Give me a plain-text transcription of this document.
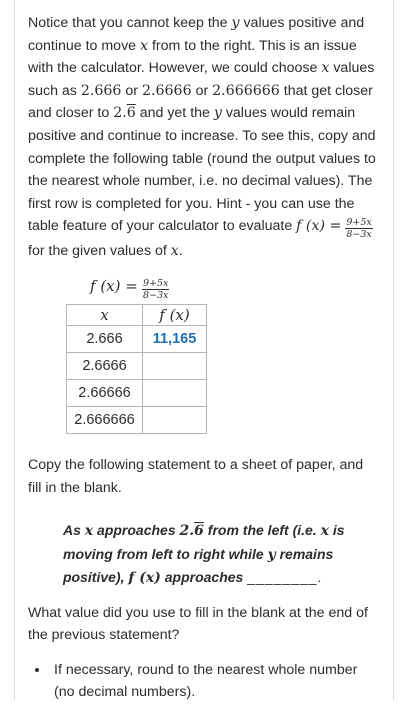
Notice that you cannot keep the y values positive and continue to move x from to the right. This is an issue with the calculator. However, we could choose x values such as 2.666 or 2.6666 or 2.666666 that get closer and closer to 2.6 and yet the y values would remain positive and continue to increase. To see this, copy and complete the following table (round the output values to the nearest whole number, i.e. no decimal values). The first row is completed for you. Hint - you can use the table feature of your calculator to evaluate f $(x) = \frac{9+5x}{8-3x}$
for the given values of x.

f $(x) = \frac{9+5x}{8-3x}$
x	f (x)
2.666	11,165
2.6666	
2.66666	
2.666666	

Copy the following statement to a sheet of paper, and fill in the blank.

As x approaches 2.6 from the left (i.e. x is moving from left to right while y remains positive), f (x) approaches ________.

What value did you use to fill in the blank at the end of the previous statement?

• If necessary, round to the nearest whole number (no decimal numbers).
